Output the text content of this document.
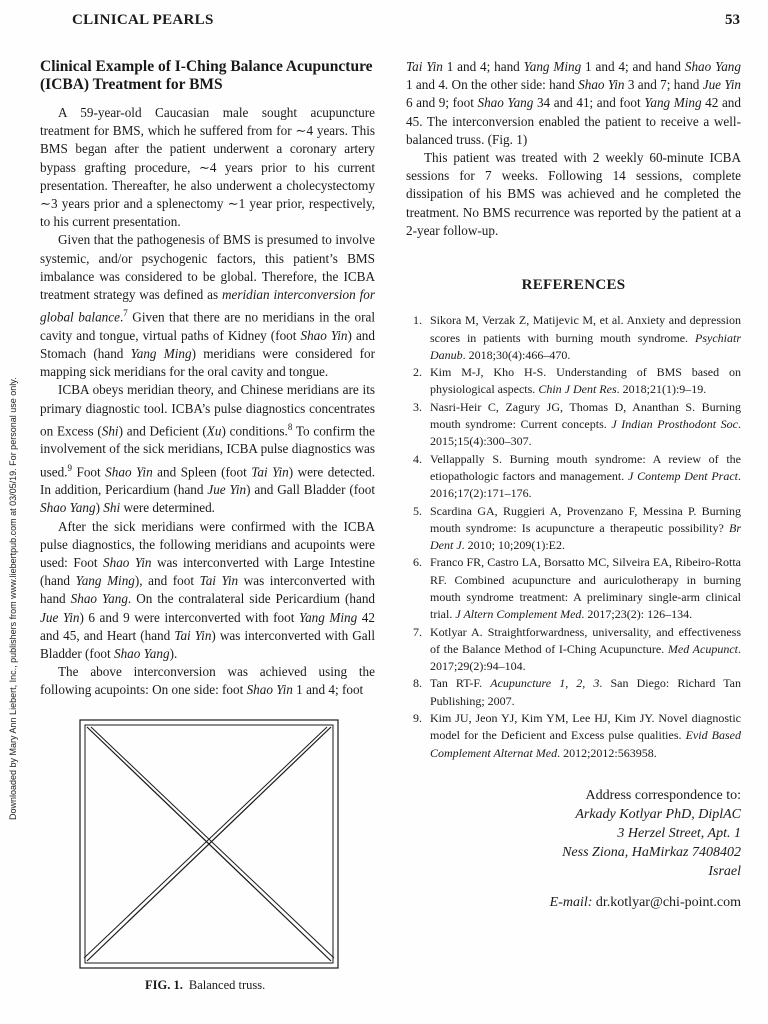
CLINICAL PEARLS	53
Downloaded by Mary Ann Liebert, Inc., publishers from www.liebertpub.com at 03/05/19. For personal use only.
Clinical Example of I-Ching Balance Acupuncture (ICBA) Treatment for BMS

A 59-year-old Caucasian male sought acupuncture treatment for BMS, which he suffered from for ∼4 years. This BMS began after the patient underwent a coronary artery bypass grafting procedure, ∼4 years prior to his current presentation. Thereafter, he also underwent a cholecystectomy ∼3 years prior and a splenectomy ∼1 year prior, respectively, to his current presentation.

Given that the pathogenesis of BMS is presumed to involve systemic, and/or psychogenic factors, this patient’s BMS imbalance was considered to be global. Therefore, the ICBA treatment strategy was defined as meridian interconversion for global balance.$^7$ Given that there are no meridians in the oral cavity and tongue, virtual paths of Kidney (foot Shao Yin) and Stomach (hand Yang Ming) meridians were considered for mapping sick meridians for the oral cavity and tongue.

ICBA obeys meridian theory, and Chinese meridians are its primary diagnostic tool. ICBA’s pulse diagnostics concentrates on Excess (Shi) and Deficient (Xu) conditions.$^8$ To confirm the involvement of the sick meridians, ICBA pulse diagnostics was used.$^9$ Foot Shao Yin and Spleen (foot Tai Yin) were detected. In addition, Pericardium (hand Jue Yin) and Gall Bladder (foot Shao Yang) Shi were determined.

After the sick meridians were confirmed with the ICBA pulse diagnostics, the following meridians and acupoints were used: Foot Shao Yin was interconverted with Large Intestine (hand Yang Ming), and foot Tai Yin was interconverted with hand Shao Yang. On the contralateral side Pericardium (hand Jue Yin) 6 and 9 were interconverted with foot Yang Ming 42 and 45, and Heart (hand Tai Yin) was interconverted with Gall Bladder (foot Shao Yang).

The above interconversion was achieved using the following acupoints: On one side: foot Shao Yin 1 and 4; foot

FIG. 1. Balanced truss.

Tai Yin 1 and 4; hand Yang Ming 1 and 4; and hand Shao Yang 1 and 4. On the other side: hand Shao Yin 3 and 7; hand Jue Yin 6 and 9; foot Shao Yang 34 and 41; and foot Yang Ming 42 and 45. The interconversion enabled the patient to receive a well-balanced truss. (Fig. 1)

This patient was treated with 2 weekly 60-minute ICBA sessions for 7 weeks. Following 14 sessions, complete dissipation of his BMS was achieved and he completed the treatment. No BMS recurrence was reported by the patient at a 2-year follow-up.

REFERENCES
1. Sikora M, Verzak Z, Matijevic M, et al. Anxiety and depression scores in patients with burning mouth syndrome. Psychiatr Danub. 2018;30(4):466–470.
2. Kim M-J, Kho H-S. Understanding of BMS based on physiological aspects. Chin J Dent Res. 2018;21(1):9–19.
3. Nasri-Heir C, Zagury JG, Thomas D, Ananthan S. Burning mouth syndrome: Current concepts. J Indian Prosthodont Soc. 2015;15(4):300–307.
4. Vellappally S. Burning mouth syndrome: A review of the etiopathologic factors and management. J Contemp Dent Pract. 2016;17(2):171–176.
5. Scardina GA, Ruggieri A, Provenzano F, Messina P. Burning mouth syndrome: Is acupuncture a therapeutic possibility? Br Dent J. 2010; 10;209(1):E2.
6. Franco FR, Castro LA, Borsatto MC, Silveira EA, Ribeiro-Rotta RF. Combined acupuncture and auriculotherapy in burning mouth syndrome treatment: A preliminary single-arm clinical trial. J Altern Complement Med. 2017;23(2): 126–134.
7. Kotlyar A. Straightforwardness, universality, and effectiveness of the Balance Method of I-Ching Acupuncture. Med Acupunct. 2017;29(2):94–104.
8. Tan RT-F. Acupuncture 1, 2, 3. San Diego: Richard Tan Publishing; 2007.
9. Kim JU, Jeon YJ, Kim YM, Lee HJ, Kim JY. Novel diagnostic model for the Deficient and Excess pulse qualities. Evid Based Complement Alternat Med. 2012;2012:563958.
Address correspondence to:
Arkady Kotlyar PhD, DiplAC
3 Herzel Street, Apt. 1
Ness Ziona, HaMirkaz 7408402
Israel
E-mail: dr.kotlyar@chi-point.com
